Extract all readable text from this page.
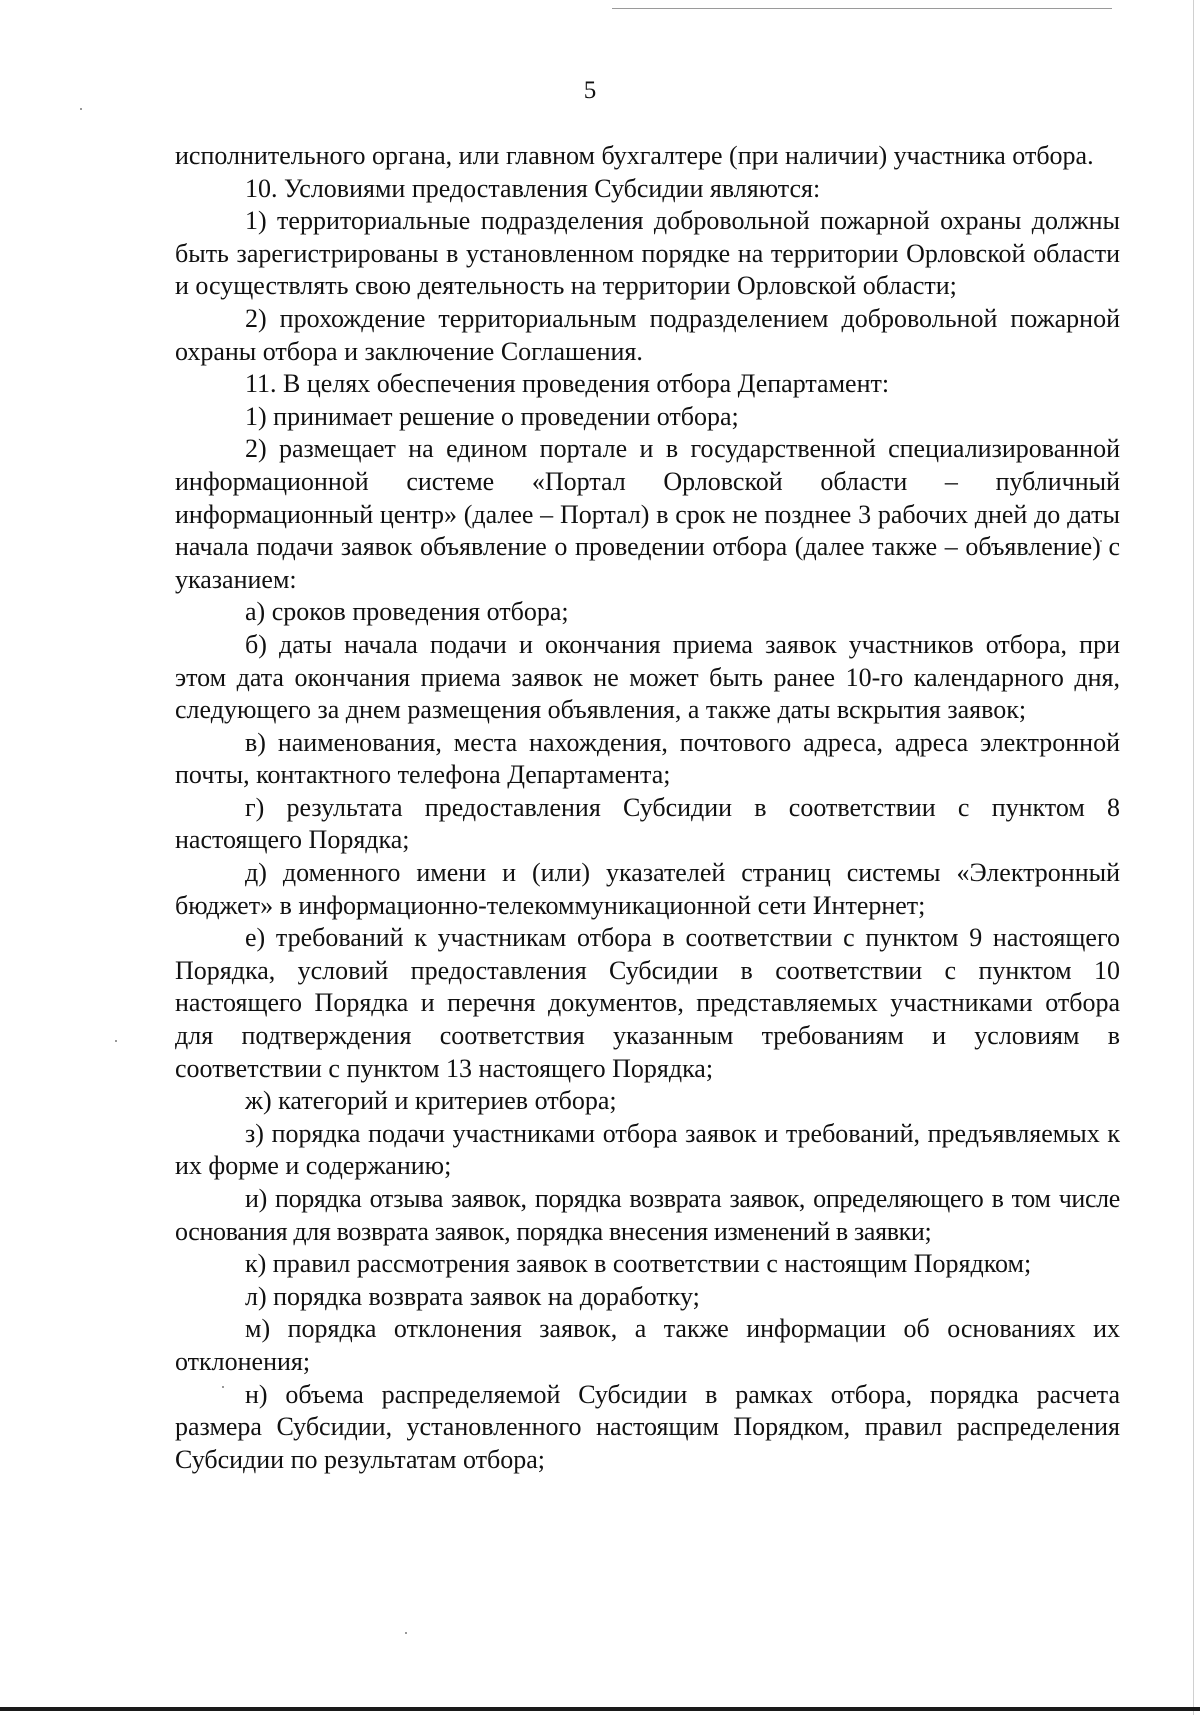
5

исполнительного органа, или главном бухгалтере (при наличии) участника отбора.

10. Условиями предоставления Субсидии являются:

1) территориальные подразделения добровольной пожарной охраны должны быть зарегистрированы в установленном порядке на территории Орловской области и осуществлять свою деятельность на территории Орловской области;

2) прохождение территориальным подразделением добровольной пожарной охраны отбора и заключение Соглашения.

11. В целях обеспечения проведения отбора Департамент:

1) принимает решение о проведении отбора;

2) размещает на едином портале и в государственной специализированной информационной системе «Портал Орловской области – публичный информационный центр» (далее – Портал) в срок не позднее 3 рабочих дней до даты начала подачи заявок объявление о проведении отбора (далее также – объявление) с указанием:

а) сроков проведения отбора;

б) даты начала подачи и окончания приема заявок участников отбора, при этом дата окончания приема заявок не может быть ранее 10-го календарного дня, следующего за днем размещения объявления, а также даты вскрытия заявок;

в) наименования, места нахождения, почтового адреса, адреса электронной почты, контактного телефона Департамента;

г) результата предоставления Субсидии в соответствии с пунктом 8 настоящего Порядка;

д) доменного имени и (или) указателей страниц системы «Электронный бюджет» в информационно-телекоммуникационной сети Интернет;

е) требований к участникам отбора в соответствии с пунктом 9 настоящего Порядка, условий предоставления Субсидии в соответствии с пунктом 10 настоящего Порядка и перечня документов, представляемых участниками отбора для подтверждения соответствия указанным требованиям и условиям в соответствии с пунктом 13 настоящего Порядка;

ж) категорий и критериев отбора;

з) порядка подачи участниками отбора заявок и требований, предъявляемых к их форме и содержанию;

и) порядка отзыва заявок, порядка возврата заявок, определяющего в том числе основания для возврата заявок, порядка внесения изменений в заявки;

к) правил рассмотрения заявок в соответствии с настоящим Порядком;

л) порядка возврата заявок на доработку;

м) порядка отклонения заявок, а также информации об основаниях их отклонения;

н) объема распределяемой Субсидии в рамках отбора, порядка расчета размера Субсидии, установленного настоящим Порядком, правил распределения Субсидии по результатам отбора;
